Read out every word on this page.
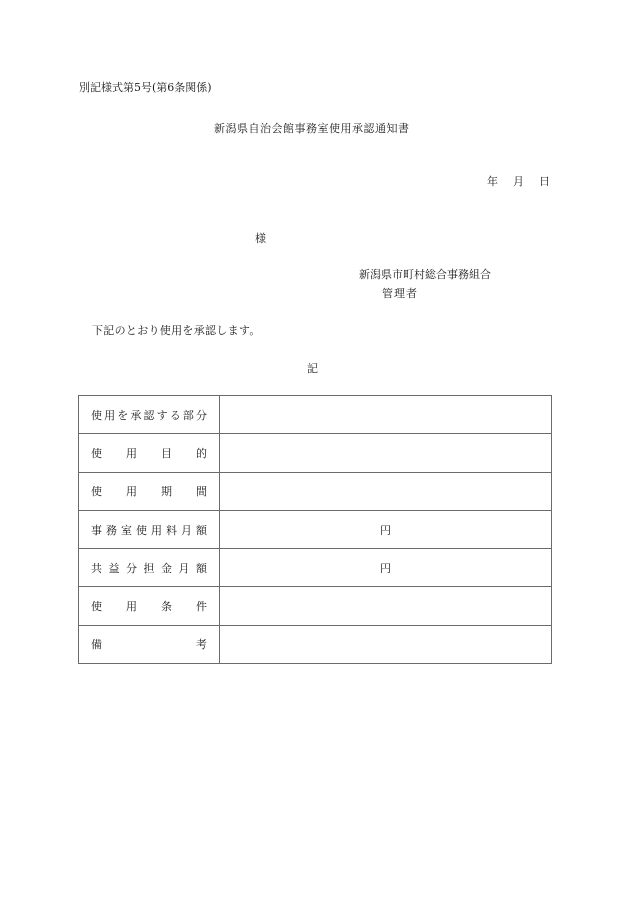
別記様式第5号(第6条関係)
新潟県自治会館事務室使用承認通知書
年	月	日
様
新潟県市町村総合事務組合
管理者
下記のとおり使用を承認します。
記
使 用 を 承 認 す る 部 分

使 用 目 的	

使 用 期 間	

事 務 室 使 用 料 月 額	円

共 益 分 担 金 月 額	円

使 用 条 件	

備 考	
